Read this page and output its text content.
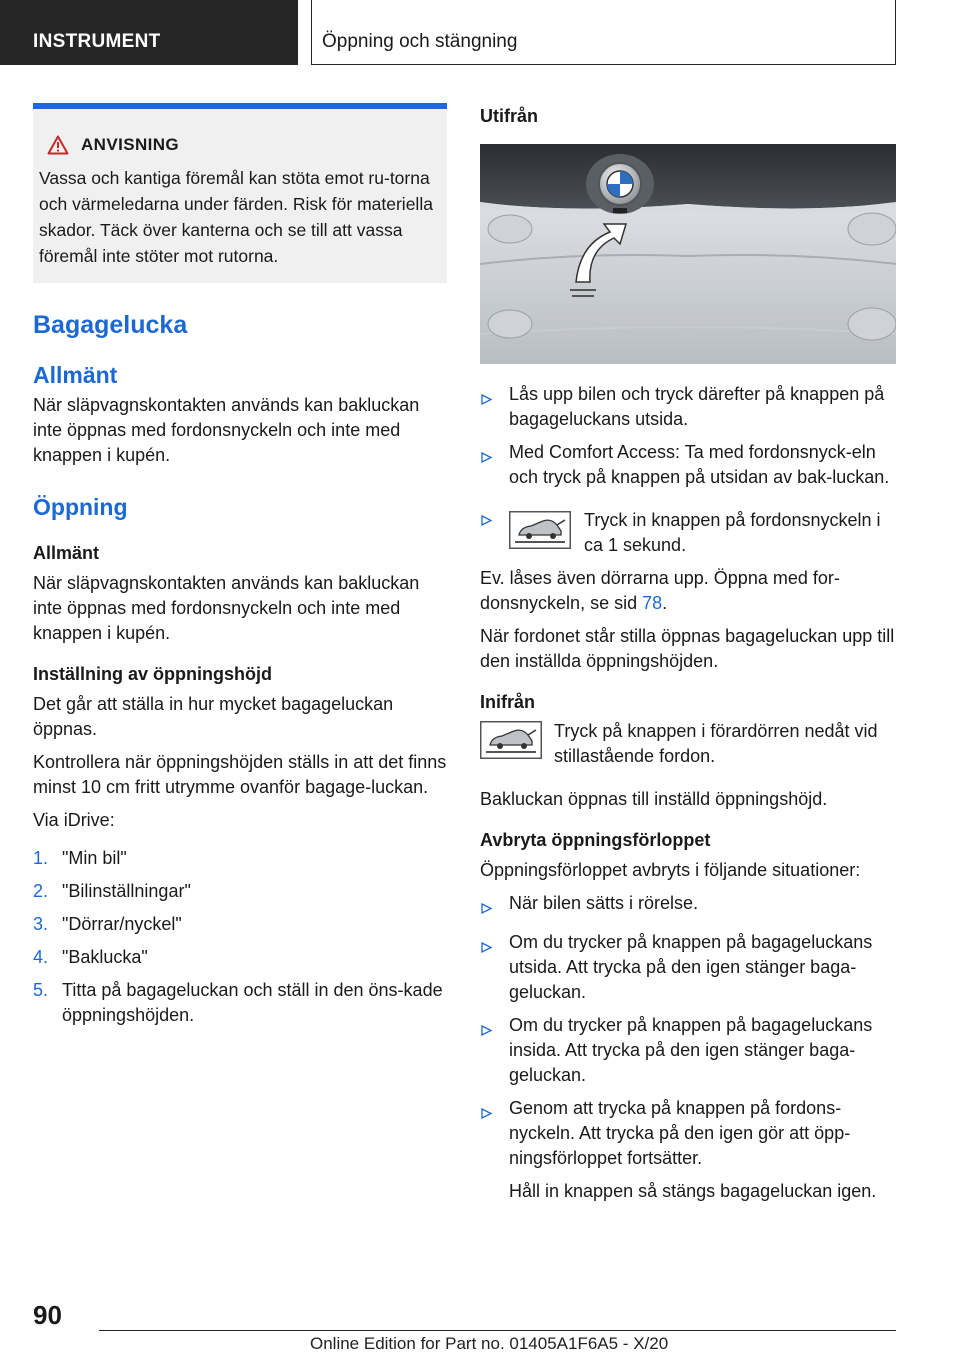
INSTRUMENT	Öppning och stängning
ANVISNING
Vassa och kantiga föremål kan stöta emot ru-torna och värmeledarna under färden. Risk för materiella skador. Täck över kanterna och se till att vassa föremål inte stöter mot rutorna.
Bagagelucka
Allmänt
När släpvagnskontakten används kan bakluckan inte öppnas med fordonsnyckeln och inte med knappen i kupén.
Öppning
Allmänt
När släpvagnskontakten används kan bakluckan inte öppnas med fordonsnyckeln och inte med knappen i kupén.
Inställning av öppningshöjd
Det går att ställa in hur mycket bagageluckan öppnas.
Kontrollera när öppningshöjden ställs in att det finns minst 10 cm fritt utrymme ovanför bagage-luckan.
Via iDrive:
1. "Min bil"
2. "Bilinställningar"
3. "Dörrar/nyckel"
4. "Baklucka"
5. Titta på bagageluckan och ställ in den öns-kade öppningshöjden.
Utifrån
Lås upp bilen och tryck därefter på knappen på bagageluckans utsida.
Med Comfort Access: Ta med fordonsnyck-eln och tryck på knappen på utsidan av bak-luckan.
Tryck in knappen på fordonsnyckeln i ca 1 sekund.
Ev. låses även dörrarna upp. Öppna med for-donsnyckeln, se sid 78.
När fordonet står stilla öppnas bagageluckan upp till den inställda öppningshöjden.
Inifrån
Tryck på knappen i förardörren nedåt vid stillastående fordon.
Bakluckan öppnas till inställd öppningshöjd.
Avbryta öppningsförloppet
Öppningsförloppet avbryts i följande situationer:
När bilen sätts i rörelse.
Om du trycker på knappen på bagageluckans utsida. Att trycka på den igen stänger baga-geluckan.
Om du trycker på knappen på bagageluckans insida. Att trycka på den igen stänger baga-geluckan.
Genom att trycka på knappen på fordons-nyckeln. Att trycka på den igen gör att öpp-ningsförloppet fortsätter.
Håll in knappen så stängs bagageluckan igen.
90
Online Edition for Part no. 01405A1F6A5 - X/20
